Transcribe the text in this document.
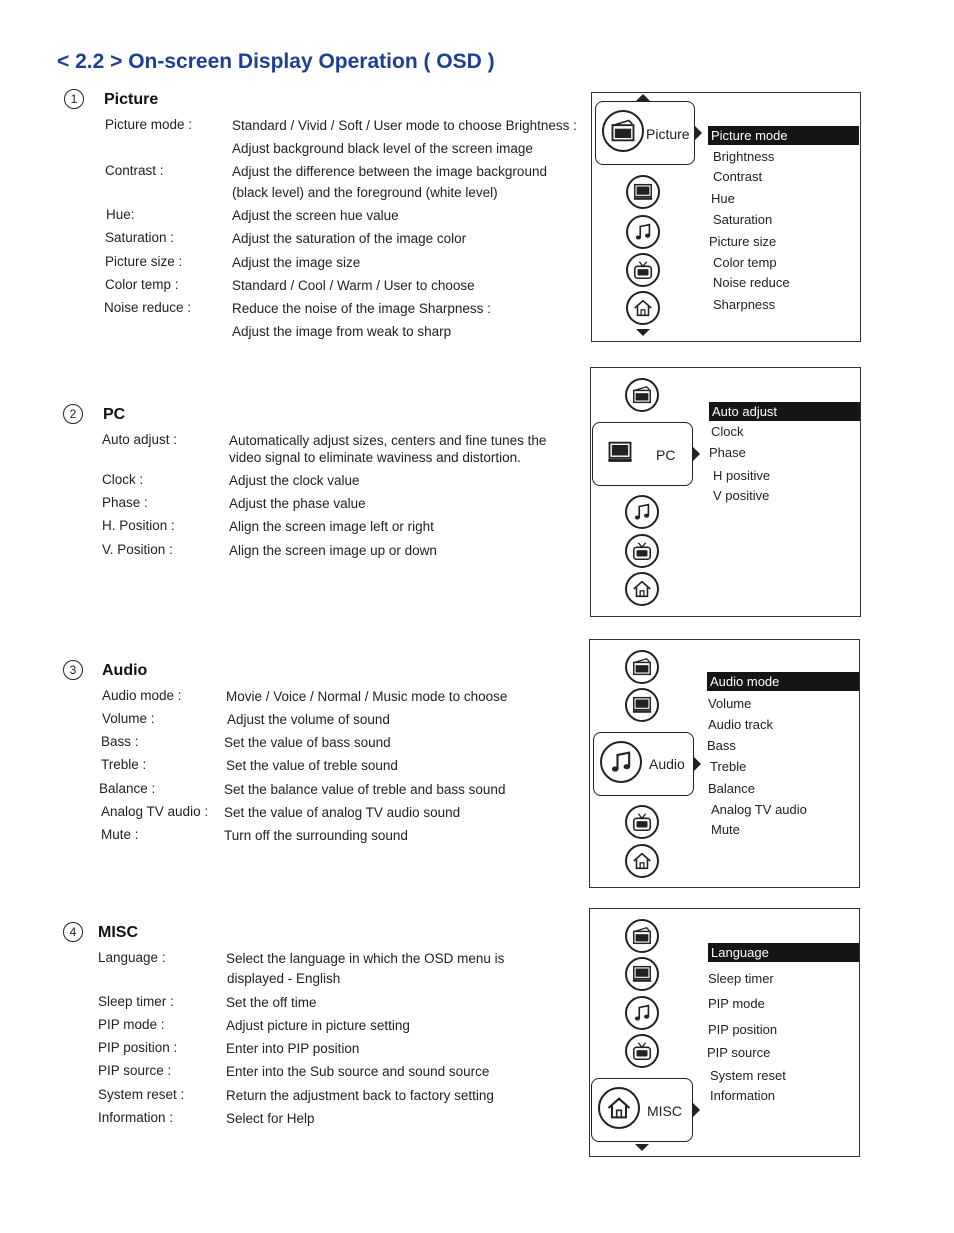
< 2.2 > On-screen Display Operation ( OSD )
1	Picture
Picture mode :	Standard / Vivid / Soft / User mode to choose Brightness :
Adjust background black level of the screen image
Contrast :	Adjust the difference between the image background
(black level) and the foreground (white level)
Hue:	Adjust the screen hue value
Saturation :	Adjust the saturation of the image color
Picture size :	Adjust the image size
Color temp :	Standard / Cool / Warm / User to choose
Noise reduce :	Reduce the noise of the image Sharpness :
Adjust the image from weak to sharp
Picture Picture mode
Brightness
Contrast
Hue
Saturation
Picture size
Color temp
Noise reduce
Sharpness
2	PC
Auto adjust :	Automatically adjust sizes, centers and fine tunes the
video signal to eliminate waviness and distortion.
Clock :	Adjust the clock value
Phase :	Adjust the phase value
H. Position :	Align the screen image left or right
V. Position :	Align the screen image up or down
PC
Auto adjust
Clock
Phase
H positive
V positive
3	Audio
Audio mode :	Movie / Voice / Normal / Music mode to choose
Volume :	Adjust the volume of sound
Bass :	Set the value of bass sound
Treble :	Set the value of treble sound
Balance :	Set the balance value of treble and bass sound
Analog TV audio : Set the value of analog TV audio sound
Mute :	Turn off the surrounding sound
Audio
Audio mode
Volume
Audio track
Bass
Treble
Balance
Analog TV audio
Mute
4	MISC
Language :	Select the language in which the OSD menu is
displayed - English
Sleep timer :	Set the off time
PIP mode :	Adjust picture in picture setting
PIP position :	Enter into PIP position
PIP source :	Enter into the Sub source and sound source
System reset :	Return the adjustment back to factory setting
Information :	Select for Help	MISC
Language
Sleep timer
PIP mode
PIP position
PIP source
System reset
Information
